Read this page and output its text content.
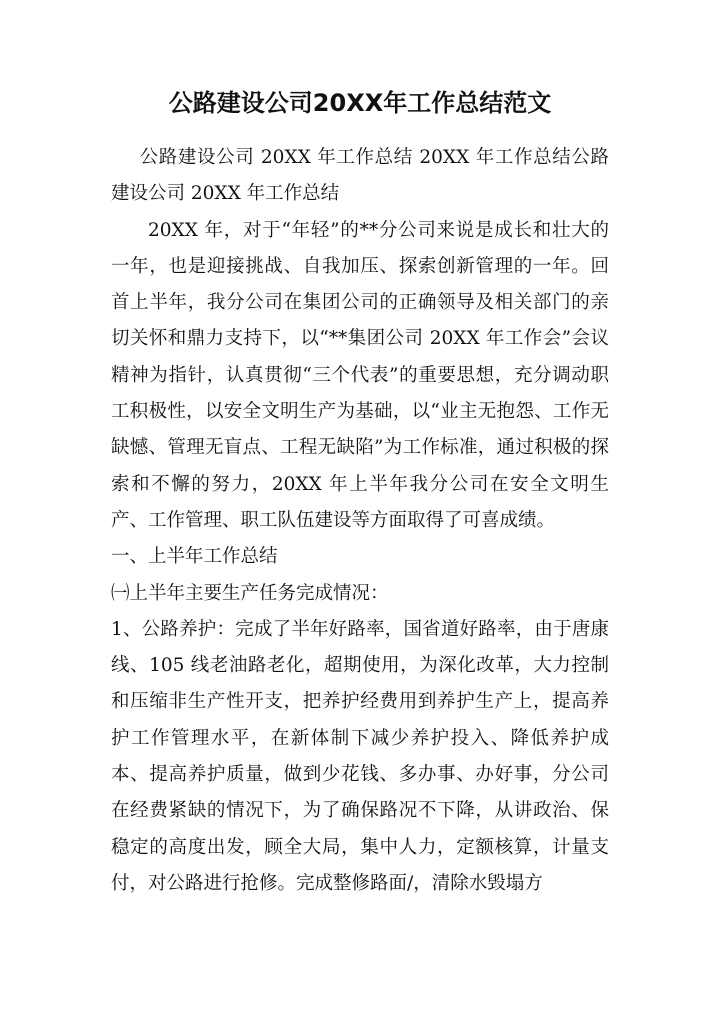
公路建设公司20XX年工作总结范文

公路建设公司 20XX 年工作总结 20XX 年工作总结公路建设公司 20XX 年工作总结

20XX 年，对于“年轻”的**分公司来说是成长和壮大的一年，也是迎接挑战、自我加压、探索创新管理的一年。回首上半年，我分公司在集团公司的正确领导及相关部门的亲切关怀和鼎力支持下，以“**集团公司 20XX 年工作会”会议精神为指针，认真贯彻“三个代表”的重要思想，充分调动职工积极性，以安全文明生产为基础，以“业主无抱怨、工作无缺憾、管理无盲点、工程无缺陷”为工作标准，通过积极的探索和不懈的努力，20XX 年上半年我分公司在安全文明生产、工作管理、职工队伍建设等方面取得了可喜成绩。

一、上半年工作总结

㈠上半年主要生产任务完成情况：

1、公路养护：完成了半年好路率，国省道好路率，由于唐康线、105 线老油路老化，超期使用，为深化改革，大力控制和压缩非生产性开支，把养护经费用到养护生产上，提高养护工作管理水平，在新体制下减少养护投入、降低养护成本、提高养护质量，做到少花钱、多办事、办好事，分公司在经费紧缺的情况下，为了确保路况不下降，从讲政治、保稳定的高度出发，顾全大局，集中人力，定额核算，计量支付，对公路进行抢修。完成整修路面/，清除水毁塌方
